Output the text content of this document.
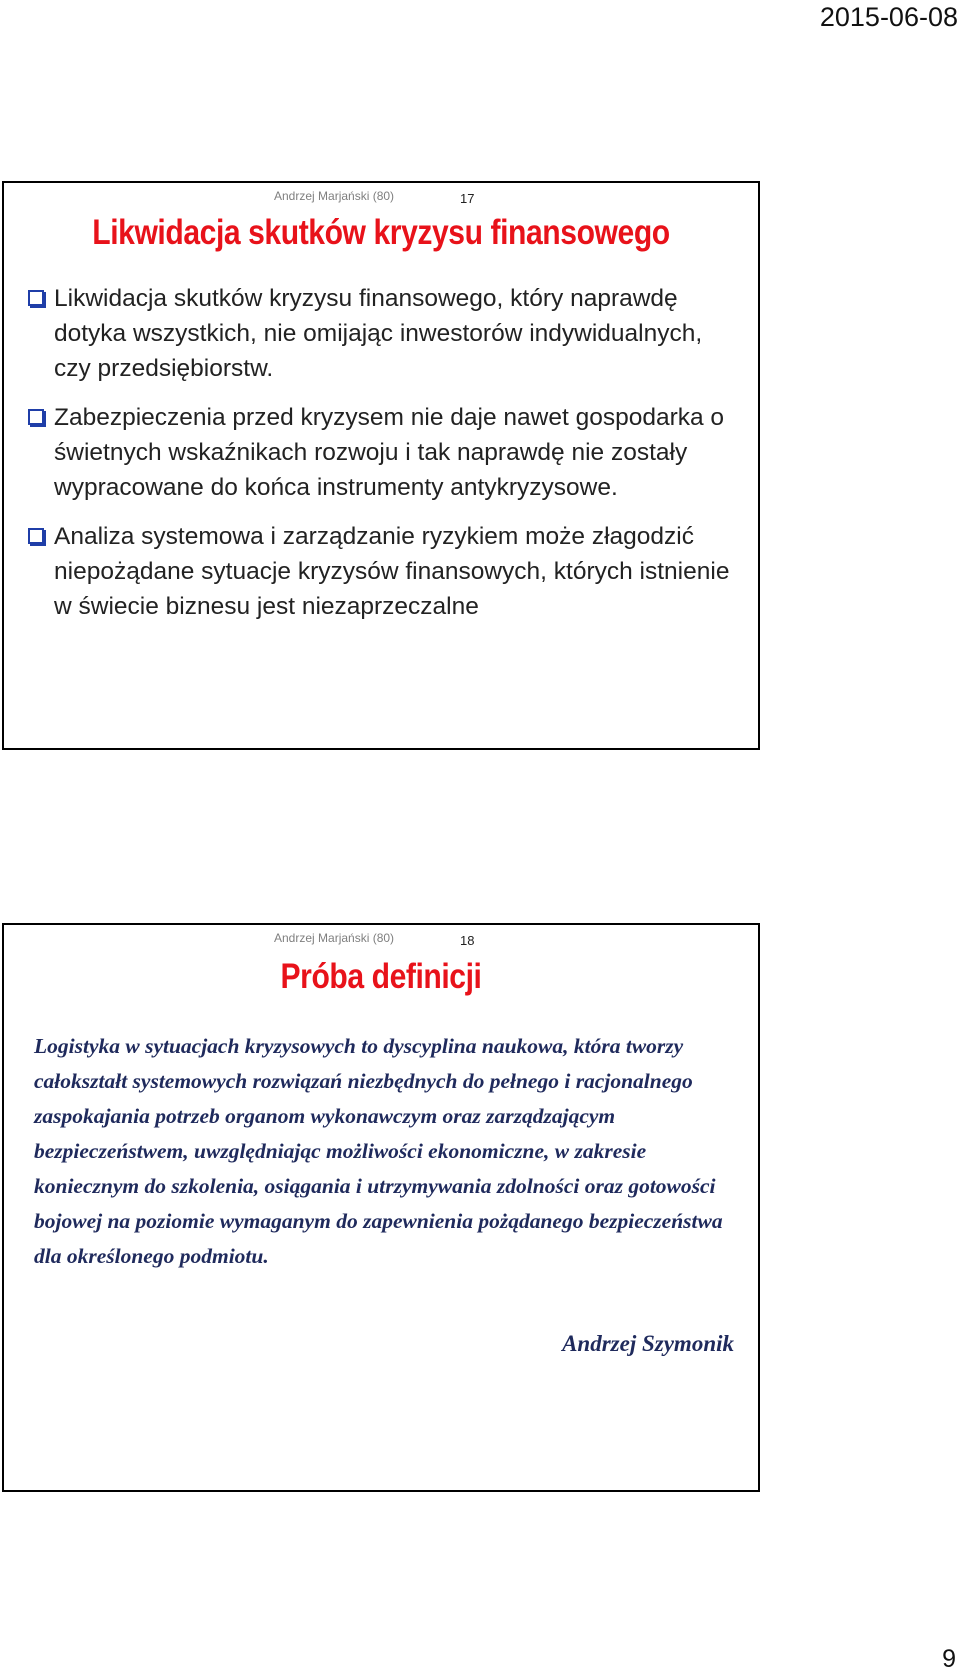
2015-06-08
Andrzej Marjański (80)	17
Likwidacja skutków kryzysu finansowego
Likwidacja skutków kryzysu finansowego, który naprawdę dotyka wszystkich, nie omijając inwestorów indywidualnych, czy przedsiębiorstw.
Zabezpieczenia przed kryzysem nie daje nawet gospodarka o świetnych wskaźnikach rozwoju i tak naprawdę nie zostały wypracowane do końca instrumenty antykryzysowe.
Analiza systemowa i zarządzanie ryzykiem może złagodzić niepożądane sytuacje kryzysów finansowych, których istnienie w świecie biznesu jest niezaprzeczalne
Andrzej Marjański (80)	18
Próba definicji
Logistyka w sytuacjach kryzysowych to dyscyplina naukowa, która tworzy całokształt systemowych rozwiązań niezbędnych do pełnego i racjonalnego zaspokajania potrzeb organom wykonawczym oraz zarządzającym bezpieczeństwem, uwzględniając możliwości ekonomiczne, w zakresie koniecznym do szkolenia, osiągania i utrzymywania zdolności oraz gotowości bojowej na poziomie wymaganym do zapewnienia pożądanego bezpieczeństwa dla określonego podmiotu.
Andrzej Szymonik
9
